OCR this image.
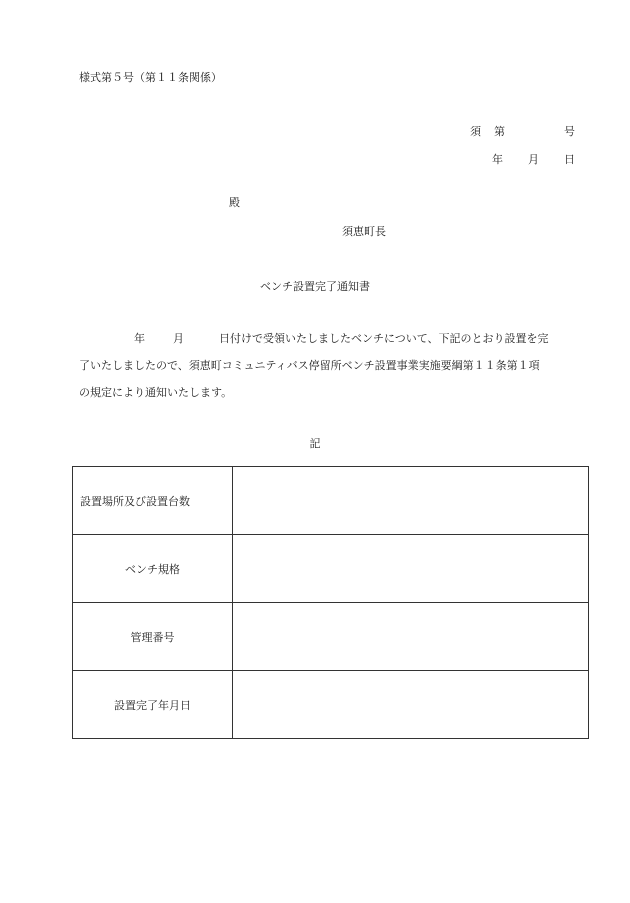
様式第５号（第１１条関係）
須 第	号
年 月 日
殿
須恵町長
ベンチ設置完了通知書
年	月	日付けで受領いたしましたベンチについて、下記のとおり設置を完
了いたしましたので、須恵町コミュニティバス停留所ベンチ設置事業実施要綱第１１条第１項
の規定により通知いたします。
記
設置場所及び設置台数	
ベンチ規格	
管理番号	
設置完了年月日	
